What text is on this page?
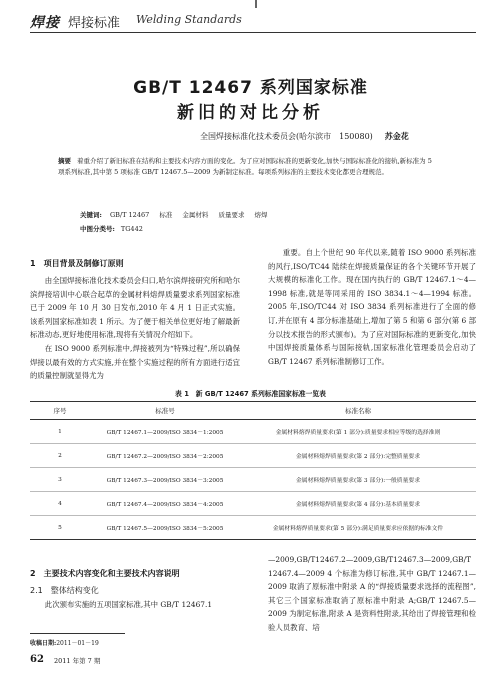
焊接 焊接标准 Welding Standards
GB/T 12467 系列国家标准
新旧的对比分析
全国焊接标准化技术委员会(哈尔滨市　150080) 苏金花
摘要 着重介绍了新旧标准在结构和主要技术内容方面的变化。为了应对国际标准的更新变化,加快与国际标准化的接轨,新标准为 5 项系列标准,其中第 5 项标准 GB/T 12467.5—2009 为新制定标准。每项系列标准的主要技术变化都更合理规范。
关键词: GB/T 12467 标准 金属材料 质量要求 熔焊
中图分类号: TG442
1　项目背景及制修订原则

由全国焊接标准化技术委员会归口,哈尔滨焊接研究所和哈尔滨焊接培训中心联合起草的金属材料熔焊质量要求系列国家标准已于 2009 年 10 月 30 日发布,2010 年 4 月 1 日正式实施。该系列国家标准如表 1 所示。为了便于相关单位更好地了解最新标准动态,更好地使用标准,现将有关情况介绍如下。

在 ISO 9000 系列标准中,焊接被列为“特殊过程”,所以确保焊接以最有效的方式实施,并在整个实施过程的所有方面进行适宜的质量控制就显得尤为

重要。自上个世纪 90 年代以来,随着 ISO 9000 系列标准的风行,ISO/TC44 陆续在焊接质量保证的各个关键环节开展了大规模的标准化工作。现在国内执行的 GB/T 12467.1～4—1998 标准,就是等同采用的 ISO 3834.1～4—1994 标准。2005 年,ISO/TC44 对 ISO 3834 系列标准进行了全面的修订,并在原有 4 部分标准基础上,增加了第 5 和第 6 部分(第 6 部分以技术报告的形式颁布)。为了应对国际标准的更新变化,加快中国焊接质量体系与国际接轨,国家标准化管理委员会启动了 GB/T 12467 系列标准制修订工作。
表 1　新 GB/T 12467 系列标准国家标准一览表
序号	标准号	标准名称
1	GB/T 12467.1—2009/ISO 3834－1:2005	金属材料熔焊质量要求(第 1 部分):质量要求相应等级的选择准则
2	GB/T 12467.2—2009/ISO 3834－2:2005	金属材料熔焊质量要求(第 2 部分):完整质量要求
3	GB/T 12467.3—2009/ISO 3834－3:2005	金属材料熔焊质量要求(第 3 部分):一般质量要求
4	GB/T 12467.4—2009/ISO 3834－4:2005	金属材料熔焊质量要求(第 4 部分):基本质量要求
5	GB/T 12467.5—2009/ISO 3834－5:2005	金属材料熔焊质量要求(第 5 部分):满足质量要求应依据的标准文件
2　主要技术内容变化和主要技术内容说明
2.1　整体结构变化
此次颁布实施的五项国家标准,其中 GB/T 12467.1
—2009,GB/T12467.2—2009,GB/T12467.3—2009,GB/T 12467.4—2009 4 个标准为修订标准,其中 GB/T 12467.1—2009 取消了原标准中附录 A 的“焊接质量要求选择的流程图”,其它三个国家标准取消了原标准中附录 A;GB/T 12467.5—2009 为制定标准,附录 A 是资料性附录,其给出了焊接管理和检验人员教育、培
收稿日期:2011－01－19
62 2011 年第 7 期
